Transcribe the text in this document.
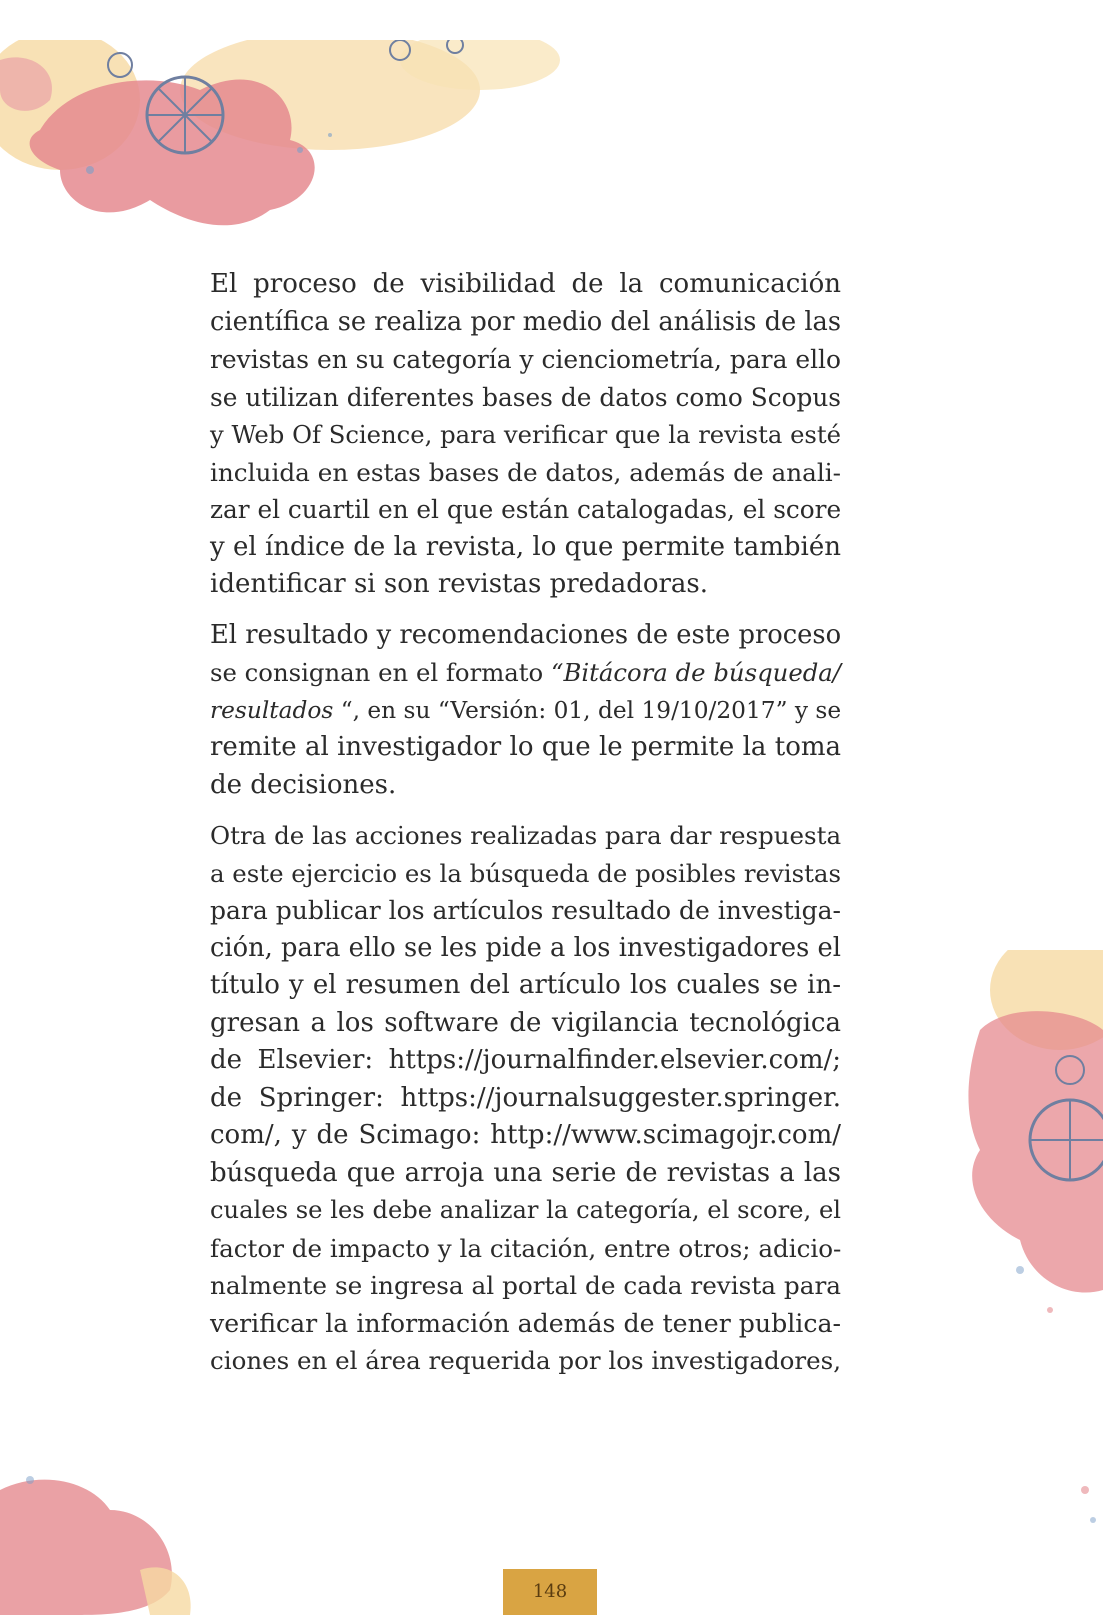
El proceso de visibilidad de la comunicación
científica se realiza por medio del análisis de las
revistas en su categoría y cienciometría, para ello
se utilizan diferentes bases de datos como Scopus
y Web Of Science, para verificar que la revista esté
incluida en estas bases de datos, además de anali-
zar el cuartil en el que están catalogadas, el score
y el índice de la revista, lo que permite también
identificar si son revistas predadoras.
El resultado y recomendaciones de este proceso
se consignan en el formato “Bitácora de búsqueda/
resultados “, en su “Versión: 01, del 19/10/2017” y se
remite al investigador lo que le permite la toma
de decisiones.
Otra de las acciones realizadas para dar respuesta
a este ejercicio es la búsqueda de posibles revistas
para publicar los artículos resultado de investiga-
ción, para ello se les pide a los investigadores el
título y el resumen del artículo los cuales se in-
gresan a los software de vigilancia tecnológica
de Elsevier: https://journalfinder.elsevier.com/;
de Springer: https://journalsuggester.springer.
com/, y de Scimago: http://www.scimagojr.com/
búsqueda que arroja una serie de revistas a las
cuales se les debe analizar la categoría, el score, el
factor de impacto y la citación, entre otros; adicio-
nalmente se ingresa al portal de cada revista para
verificar la información además de tener publica-
ciones en el área requerida por los investigadores,
148
